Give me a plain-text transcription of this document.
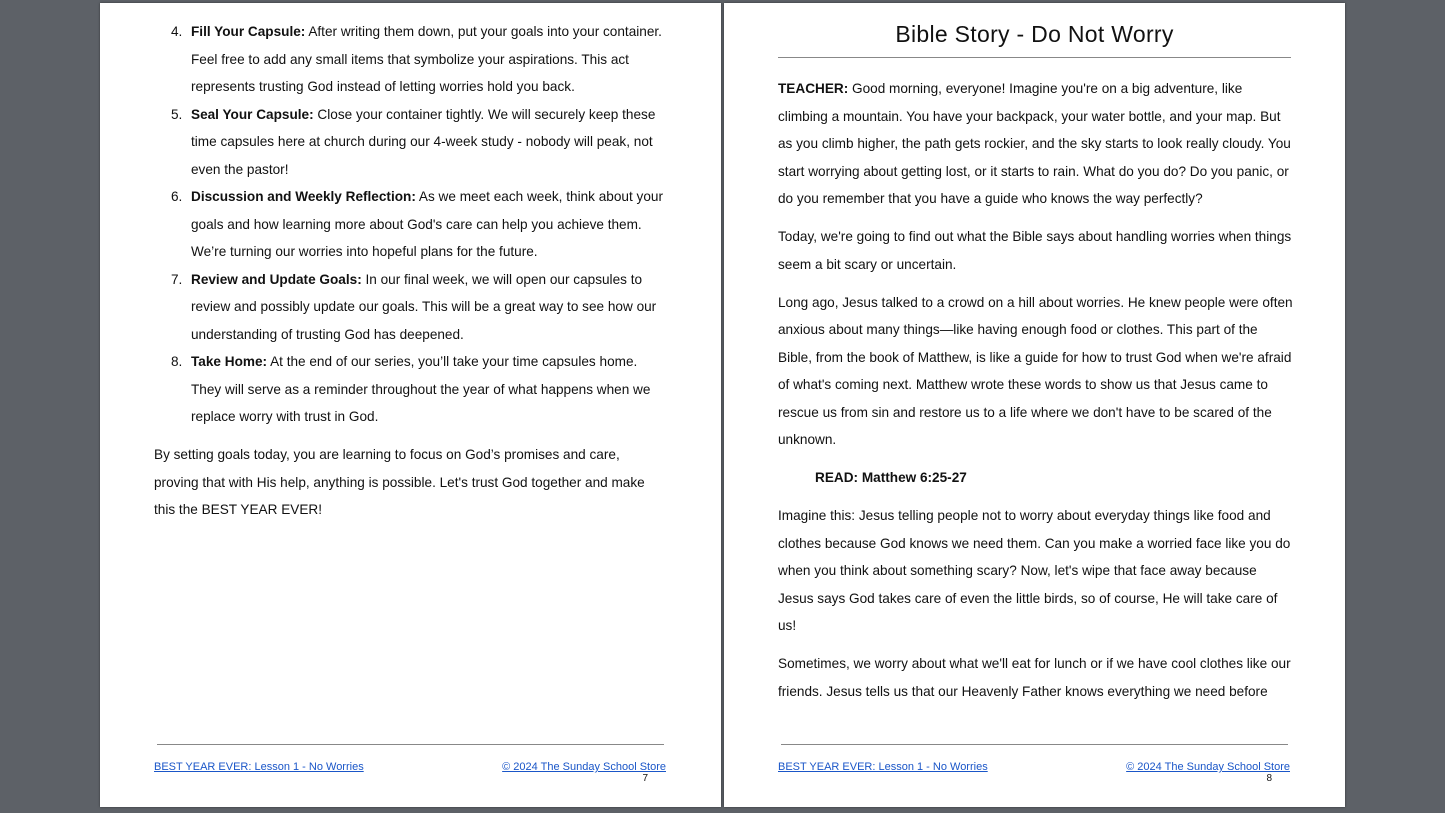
4. Fill Your Capsule: After writing them down, put your goals into your container. Feel free to add any small items that symbolize your aspirations. This act represents trusting God instead of letting worries hold you back.
5. Seal Your Capsule: Close your container tightly. We will securely keep these time capsules here at church during our 4-week study - nobody will peak, not even the pastor!
6. Discussion and Weekly Reflection: As we meet each week, think about your goals and how learning more about God's care can help you achieve them. We’re turning our worries into hopeful plans for the future.
7. Review and Update Goals: In our final week, we will open our capsules to review and possibly update our goals. This will be a great way to see how our understanding of trusting God has deepened.
8. Take Home: At the end of our series, you’ll take your time capsules home. They will serve as a reminder throughout the year of what happens when we replace worry with trust in God.

By setting goals today, you are learning to focus on God’s promises and care, proving that with His help, anything is possible. Let's trust God together and make this the BEST YEAR EVER!

BEST YEAR EVER: Lesson 1 - No Worries	© 2024 The Sunday School Store
7
Bible Story - Do Not Worry

TEACHER: Good morning, everyone! Imagine you're on a big adventure, like climbing a mountain. You have your backpack, your water bottle, and your map. But as you climb higher, the path gets rockier, and the sky starts to look really cloudy. You start worrying about getting lost, or it starts to rain. What do you do? Do you panic, or do you remember that you have a guide who knows the way perfectly?

Today, we're going to find out what the Bible says about handling worries when things seem a bit scary or uncertain.

Long ago, Jesus talked to a crowd on a hill about worries. He knew people were often anxious about many things—like having enough food or clothes. This part of the Bible, from the book of Matthew, is like a guide for how to trust God when we're afraid of what's coming next. Matthew wrote these words to show us that Jesus came to rescue us from sin and restore us to a life where we don't have to be scared of the unknown.

READ: Matthew 6:25-27

Imagine this: Jesus telling people not to worry about everyday things like food and clothes because God knows we need them. Can you make a worried face like you do when you think about something scary? Now, let's wipe that face away because Jesus says God takes care of even the little birds, so of course, He will take care of us!

Sometimes, we worry about what we'll eat for lunch or if we have cool clothes like our friends. Jesus tells us that our Heavenly Father knows everything we need before

BEST YEAR EVER: Lesson 1 - No Worries	© 2024 The Sunday School Store
8
